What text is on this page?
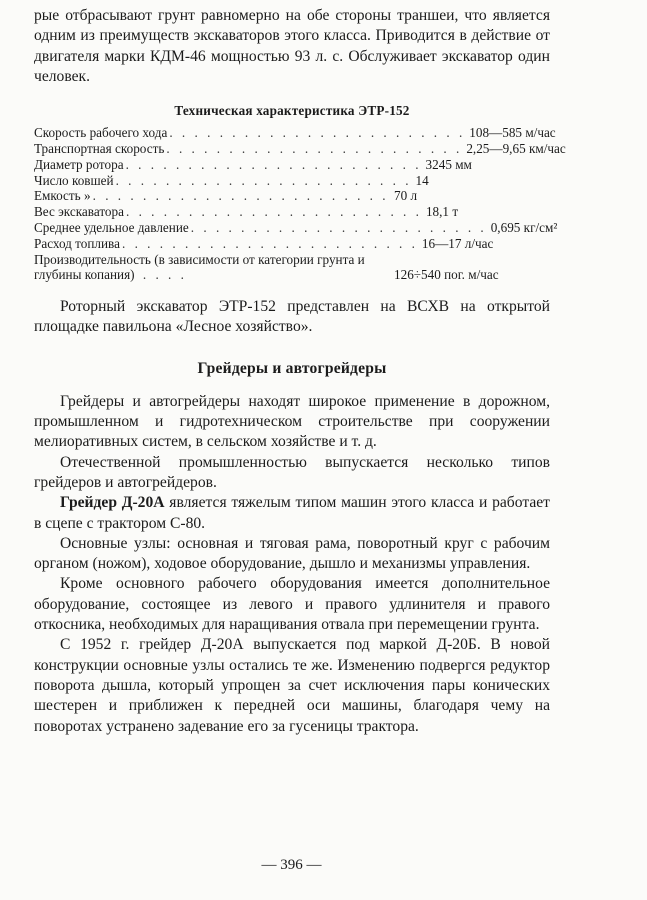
рые отбрасывают грунт равномерно на обе стороны траншеи, что является одним из преимуществ экскаваторов этого класса. Приводится в действие от двигателя марки КДМ-46 мощностью 93 л. с. Обслуживает экскаватор один человек.

Техническая характеристика ЭТР-152
Скорость рабочего хода . . . . . . . . . . . . . . . . . . . . . . . . 108—585 м/час
Транспортная скорость . . . . . . . . . . . . . . . . . . . . . . . . 2,25—9,65 км/час
Диаметр ротора . . . . . . . . . . . . . . . . . . . . . . . . 3245 мм
Число ковшей . . . . . . . . . . . . . . . . . . . . . . . . 14
Емкость » . . . . . . . . . . . . . . . . . . . . . . . . 70 л
Вес экскаватора . . . . . . . . . . . . . . . . . . . . . . . . 18,1 т
Среднее удельное давление . . . . . . . . . . . . . . . . . . . . . . . . 0,695 кг/см²
Расход топлива . . . . . . . . . . . . . . . . . . . . . . . . 16—17 л/час
Производительность (в зависимости от категории грунта и глубины копания) . . . .	126÷540 пог. м/час

Роторный экскаватор ЭТР-152 представлен на ВСХВ на открытой площадке павильона «Лесное хозяйство».

Грейдеры и автогрейдеры

Грейдеры и автогрейдеры находят широкое применение в дорожном, промышленном и гидротехническом строительстве при сооружении мелиоративных систем, в сельском хозяйстве и т. д.

Отечественной промышленностью выпускается несколько типов грейдеров и автогрейдеров.

Грейдер Д-20А является тяжелым типом машин этого класса и работает в сцепе с трактором С-80.

Основные узлы: основная и тяговая рама, поворотный круг с рабочим органом (ножом), ходовое оборудование, дышло и механизмы управления.

Кроме основного рабочего оборудования имеется дополнительное оборудование, состоящее из левого и правого удлинителя и правого откосника, необходимых для наращивания отвала при перемещении грунта.

С 1952 г. грейдер Д-20А выпускается под маркой Д-20Б. В новой конструкции основные узлы остались те же. Изменению подвергся редуктор поворота дышла, который упрощен за счет исключения пары конических шестерен и приближен к передней оси машины, благодаря чему на поворотах устранено задевание его за гусеницы трактора.

— 396 —
